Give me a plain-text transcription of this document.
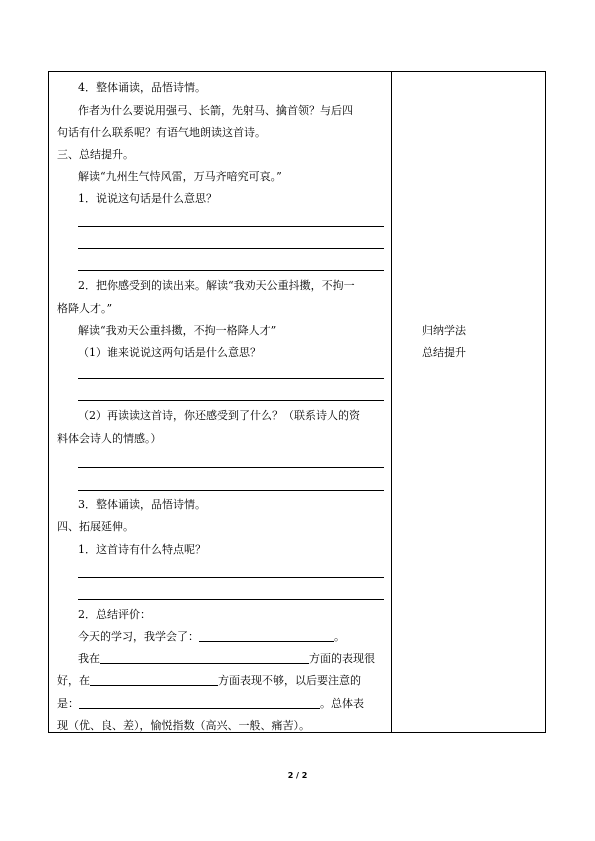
4．整体诵读，品悟诗情。
作者为什么要说用强弓、长箭，先射马、擒首领？与后四
句话有什么联系呢？有语气地朗读这首诗。
三、总结提升。
解读“九州生气恃风雷，万马齐喑究可哀。”
1．说说这句话是什么意思？
2．把你感受到的读出来。解读“我劝天公重抖擞，不拘一
格降人才。”
解读“我劝天公重抖擞，不拘一格降人才”
（1）谁来说说这两句话是什么意思？
（2）再读读这首诗，你还感受到了什么？（联系诗人的资
料体会诗人的情感。）
3．整体诵读，品悟诗情。
四、拓展延伸。
1．这首诗有什么特点呢？
2．总结评价：
今天的学习，我学会了：	。
我在	方面的表现很
好，在	方面表现不够，以后要注意的
是：	。总体表
现（优、良、差），愉悦指数（高兴、一般、痛苦）。
归纳学法
总结提升
2 / 2
